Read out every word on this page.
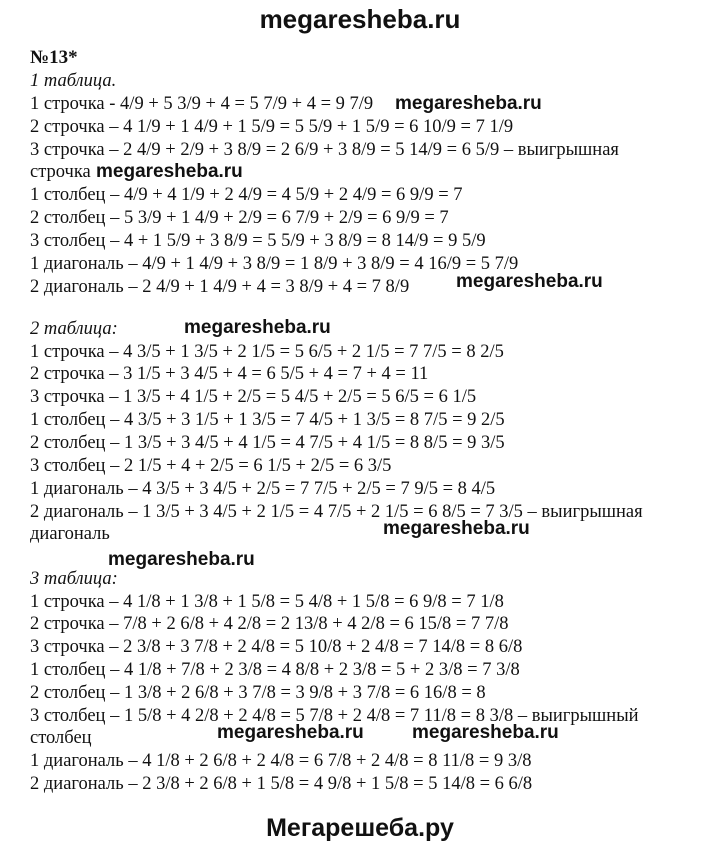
megaresheba.ru
№13*
1 таблица.
1 строчка - 4/9 + 5 3/9 + 4 = 5 7/9 + 4 = 9 7/9
2 строчка – 4 1/9 + 1 4/9 + 1 5/9 = 5 5/9 + 1 5/9 = 6 10/9 = 7 1/9
3 строчка – 2 4/9 + 2/9 + 3 8/9 = 2 6/9 + 3 8/9 = 5 14/9 = 6 5/9 – выигрышная
строчка
1 столбец – 4/9 + 4 1/9 + 2 4/9 = 4 5/9 + 2 4/9 = 6 9/9 = 7
2 столбец – 5 3/9 + 1 4/9 + 2/9 = 6 7/9 + 2/9 = 6 9/9 = 7
3 столбец – 4 + 1 5/9 + 3 8/9 = 5 5/9 + 3 8/9 = 8 14/9 = 9 5/9
1 диагональ – 4/9 + 1 4/9 + 3 8/9 = 1 8/9 + 3 8/9 = 4 16/9 = 5 7/9
2 диагональ – 2 4/9 + 1 4/9 + 4 = 3 8/9 + 4 = 7 8/9
2 таблица:
1 строчка – 4 3/5 + 1 3/5 + 2 1/5 = 5 6/5 + 2 1/5 = 7 7/5 = 8 2/5
2 строчка – 3 1/5 + 3 4/5 + 4 = 6 5/5 + 4 = 7 + 4 = 11
3 строчка – 1 3/5 + 4 1/5 + 2/5 = 5 4/5 + 2/5 = 5 6/5 = 6 1/5
1 столбец – 4 3/5 + 3 1/5 + 1 3/5 = 7 4/5 + 1 3/5 = 8 7/5 = 9 2/5
2 столбец – 1 3/5 + 3 4/5 + 4 1/5 = 4 7/5 + 4 1/5 = 8 8/5 = 9 3/5
3 столбец – 2 1/5 + 4 + 2/5 = 6 1/5 + 2/5 = 6 3/5
1 диагональ – 4 3/5 + 3 4/5 + 2/5 = 7 7/5 + 2/5 = 7 9/5 = 8 4/5
2 диагональ – 1 3/5 + 3 4/5 + 2 1/5 = 4 7/5 + 2 1/5 = 6 8/5 = 7 3/5 – выигрышная
диагональ
3 таблица:
1 строчка – 4 1/8 + 1 3/8 + 1 5/8 = 5 4/8 + 1 5/8 = 6 9/8 = 7 1/8
2 строчка – 7/8 + 2 6/8 + 4 2/8 = 2 13/8 + 4 2/8 = 6 15/8 = 7 7/8
3 строчка – 2 3/8 + 3 7/8 + 2 4/8 = 5 10/8 + 2 4/8 = 7 14/8 = 8 6/8
1 столбец – 4 1/8 + 7/8 + 2 3/8 = 4 8/8 + 2 3/8 = 5 + 2 3/8 = 7 3/8
2 столбец – 1 3/8 + 2 6/8 + 3 7/8 = 3 9/8 + 3 7/8 = 6 16/8 = 8
3 столбец – 1 5/8 + 4 2/8 + 2 4/8 = 5 7/8 + 2 4/8 = 7 11/8 = 8 3/8 – выигрышный
столбец
1 диагональ – 4 1/8 + 2 6/8 + 2 4/8 = 6 7/8 + 2 4/8 = 8 11/8 = 9 3/8
2 диагональ – 2 3/8 + 2 6/8 + 1 5/8 = 4 9/8 + 1 5/8 = 5 14/8 = 6 6/8
megaresheba.ru
megaresheba.ru
megaresheba.ru
megaresheba.ru
megaresheba.ru
megaresheba.ru
megaresheba.ru	megaresheba.ru
Мегарешеба.ру
